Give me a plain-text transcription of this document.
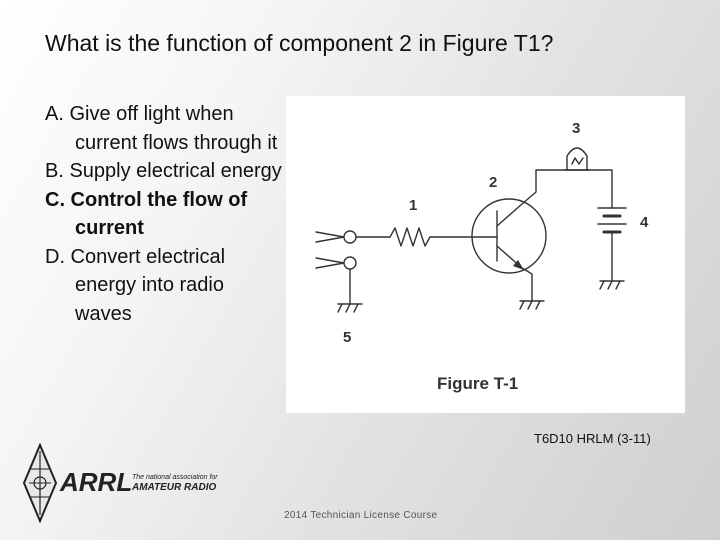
What is the function of component 2 in Figure T1?
A. Give off light when current flows through it
B. Supply electrical energy
C. Control the flow of current
D. Convert electrical energy into radio waves
1
2
3
4
5
Figure T-1
T6D10 HRLM (3-11)
ARRL The national association for
AMATEUR RADIO
2014 Technician License Course
